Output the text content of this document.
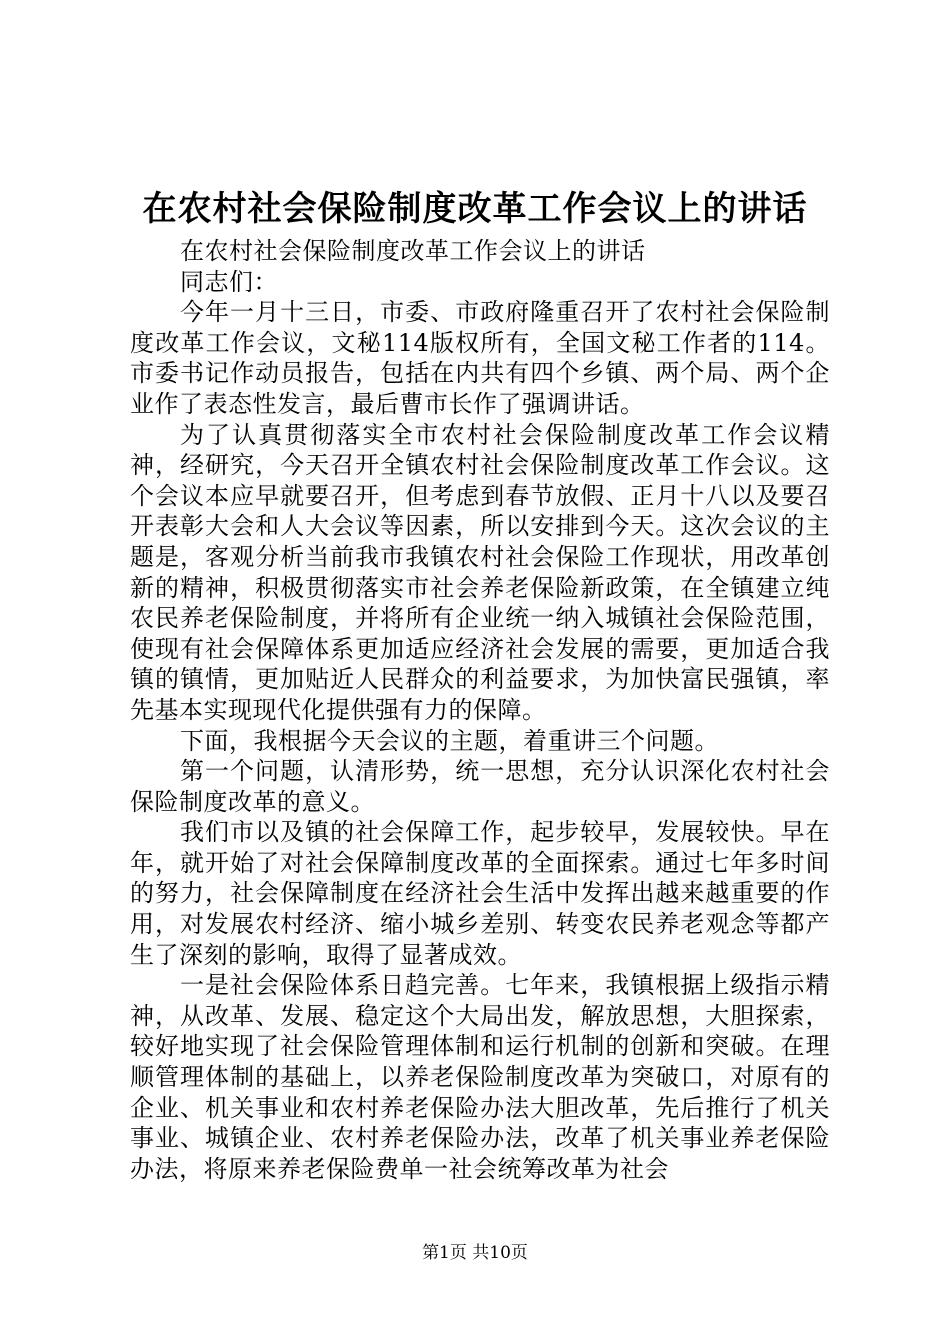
在农村社会保险制度改革工作会议上的讲话

在农村社会保险制度改革工作会议上的讲话

同志们：

今年一月十三日，市委、市政府隆重召开了农村社会保险制度改革工作会议，文秘114版权所有，全国文秘工作者的114。市委书记作动员报告，包括在内共有四个乡镇、两个局、两个企业作了表态性发言，最后曹市长作了强调讲话。

为了认真贯彻落实全市农村社会保险制度改革工作会议精神，经研究，今天召开全镇农村社会保险制度改革工作会议。这个会议本应早就要召开，但考虑到春节放假、正月十八以及要召开表彰大会和人大会议等因素，所以安排到今天。这次会议的主题是，客观分析当前我市我镇农村社会保险工作现状，用改革创新的精神，积极贯彻落实市社会养老保险新政策，在全镇建立纯农民养老保险制度，并将所有企业统一纳入城镇社会保险范围，使现有社会保障体系更加适应经济社会发展的需要，更加适合我镇的镇情，更加贴近人民群众的利益要求，为加快富民强镇，率先基本实现现代化提供强有力的保障。

下面，我根据今天会议的主题，着重讲三个问题。

第一个问题，认清形势，统一思想，充分认识深化农村社会保险制度改革的意义。

我们市以及镇的社会保障工作，起步较早，发展较快。早在年，就开始了对社会保障制度改革的全面探索。通过七年多时间的努力，社会保障制度在经济社会生活中发挥出越来越重要的作用，对发展农村经济、缩小城乡差别、转变农民养老观念等都产生了深刻的影响，取得了显著成效。

一是社会保险体系日趋完善。七年来，我镇根据上级指示精神，从改革、发展、稳定这个大局出发，解放思想，大胆探索，较好地实现了社会保险管理体制和运行机制的创新和突破。在理顺管理体制的基础上，以养老保险制度改革为突破口，对原有的企业、机关事业和农村养老保险办法大胆改革，先后推行了机关事业、城镇企业、农村养老保险办法，改革了机关事业养老保险办法，将原来养老保险费单一社会统筹改革为社会

第1页 共10页
